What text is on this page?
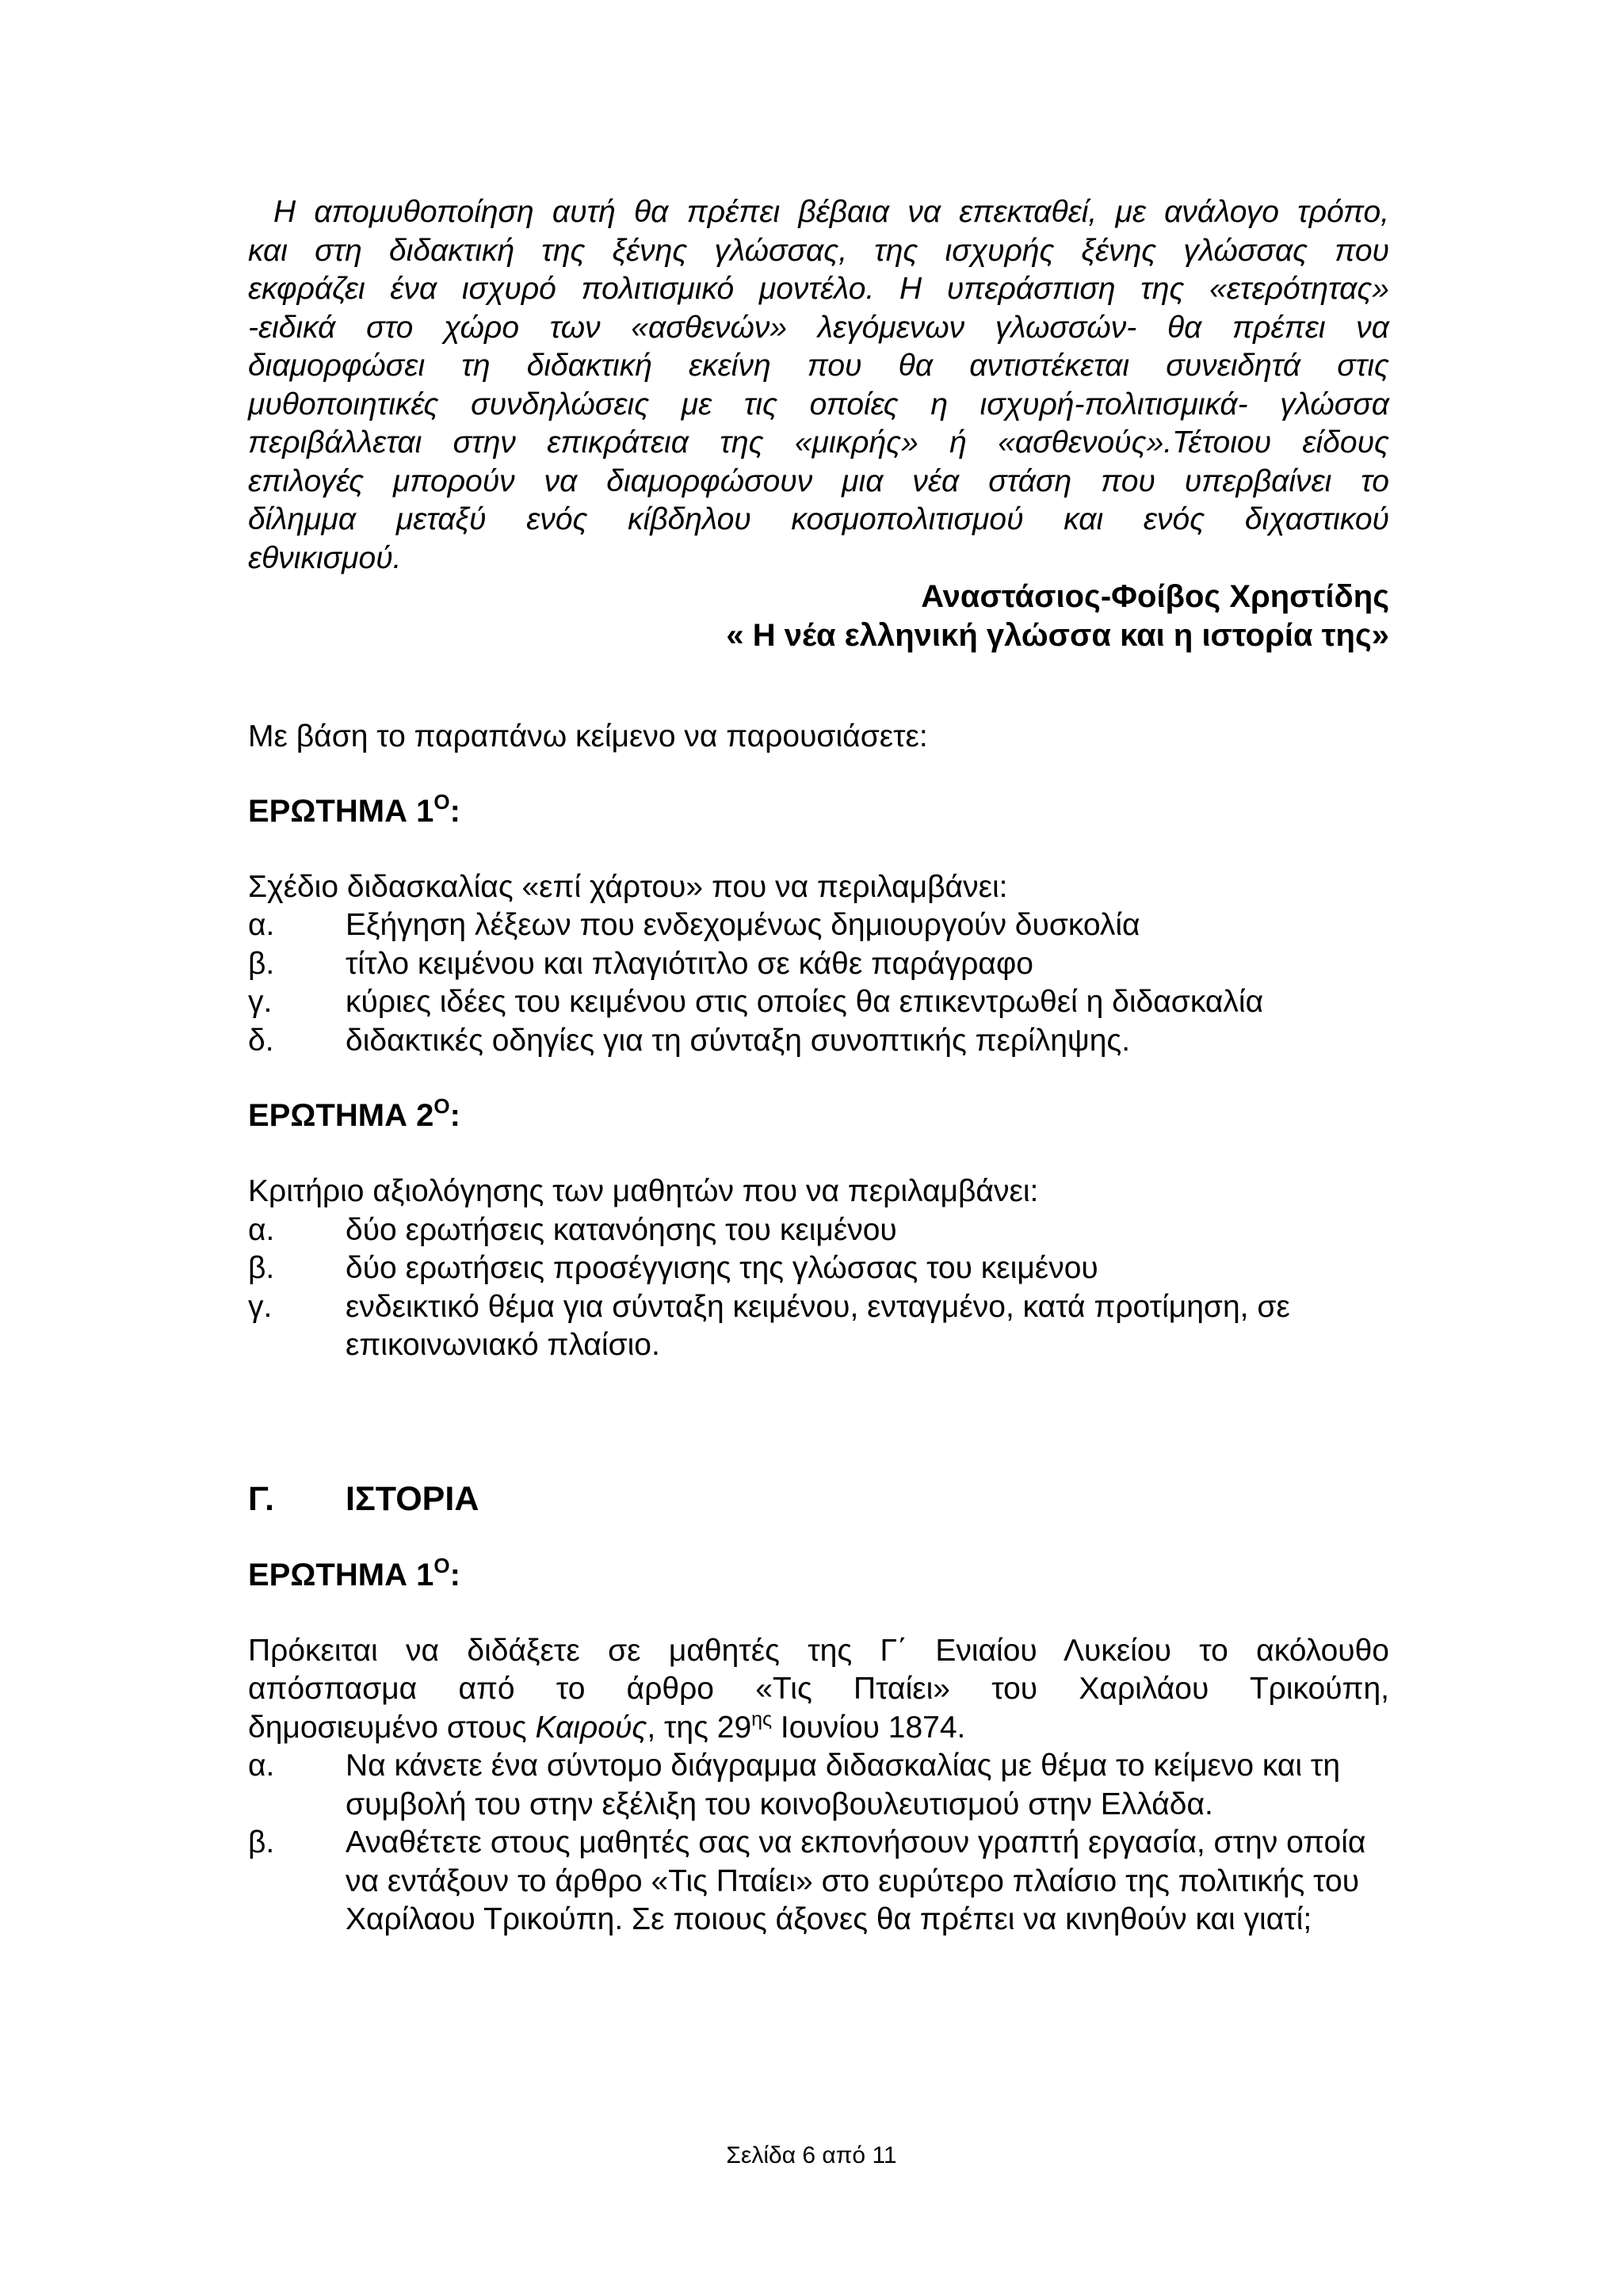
Η απομυθοποίηση αυτή θα πρέπει βέβαια να επεκταθεί, με ανάλογο τρόπο,
και στη διδακτική της ξένης γλώσσας, της ισχυρής ξένης γλώσσας που
εκφράζει ένα ισχυρό πολιτισμικό μοντέλο. Η υπεράσπιση της «ετερότητας»
-ειδικά στο χώρο των «ασθενών» λεγόμενων γλωσσών- θα πρέπει να
διαμορφώσει τη διδακτική εκείνη που θα αντιστέκεται συνειδητά στις
μυθοποιητικές συνδηλώσεις με τις οποίες η ισχυρή-πολιτισμικά- γλώσσα
περιβάλλεται στην επικράτεια της «μικρής» ή «ασθενούς».Τέτοιου είδους
επιλογές μπορούν να διαμορφώσουν μια νέα στάση που υπερβαίνει το
δίλημμα μεταξύ ενός κίβδηλου κοσμοπολιτισμού και ενός διχαστικού
εθνικισμού.

Αναστάσιος-Φοίβος Χρηστίδης

« Η νέα ελληνική γλώσσα και η ιστορία της»

Με βάση το παραπάνω κείμενο να παρουσιάσετε:

ΕΡΩΤΗΜΑ $1^O$:

Σχέδιο διδασκαλίας «επί χάρτου» που να περιλαμβάνει:

α. Εξήγηση λέξεων που ενδεχομένως δημιουργούν δυσκολία
β. τίτλο κειμένου και πλαγιότιτλο σε κάθε παράγραφο
γ. κύριες ιδέες του κειμένου στις οποίες θα επικεντρωθεί η διδασκαλία
δ. διδακτικές οδηγίες για τη σύνταξη συνοπτικής περίληψης.

ΕΡΩΤΗΜΑ $2^O$:

Κριτήριο αξιολόγησης των μαθητών που να περιλαμβάνει:

α. δύο ερωτήσεις κατανόησης του κειμένου
β. δύο ερωτήσεις προσέγγισης της γλώσσας του κειμένου
γ. ενδεικτικό θέμα για σύνταξη κειμένου, ενταγμένο, κατά προτίμηση, σε επικοινωνιακό πλαίσιο.

Γ. ΙΣΤΟΡΙΑ

ΕΡΩΤΗΜΑ $1^O$:

Πρόκειται να διδάξετε σε μαθητές της Γ΄ Ενιαίου Λυκείου το ακόλουθο
απόσπασμα από το άρθρο «Τις Πταίει» του Χαριλάου Τρικούπη,
δημοσιευμένο στους Καιρούς, της $29^{\eta\varsigma}$ Ιουνίου 1874.
α. Να κάνετε ένα σύντομο διάγραμμα διδασκαλίας με θέμα το κείμενο και τη συμβολή του στην εξέλιξη του κοινοβουλευτισμού στην Ελλάδα.
β. Αναθέτετε στους μαθητές σας να εκπονήσουν γραπτή εργασία, στην οποία να εντάξουν το άρθρο «Τις Πταίει» στο ευρύτερο πλαίσιο της πολιτικής του Χαρίλαου Τρικούπη. Σε ποιους άξονες θα πρέπει να κινηθούν και γιατί;
Σελίδα 6 από 11
